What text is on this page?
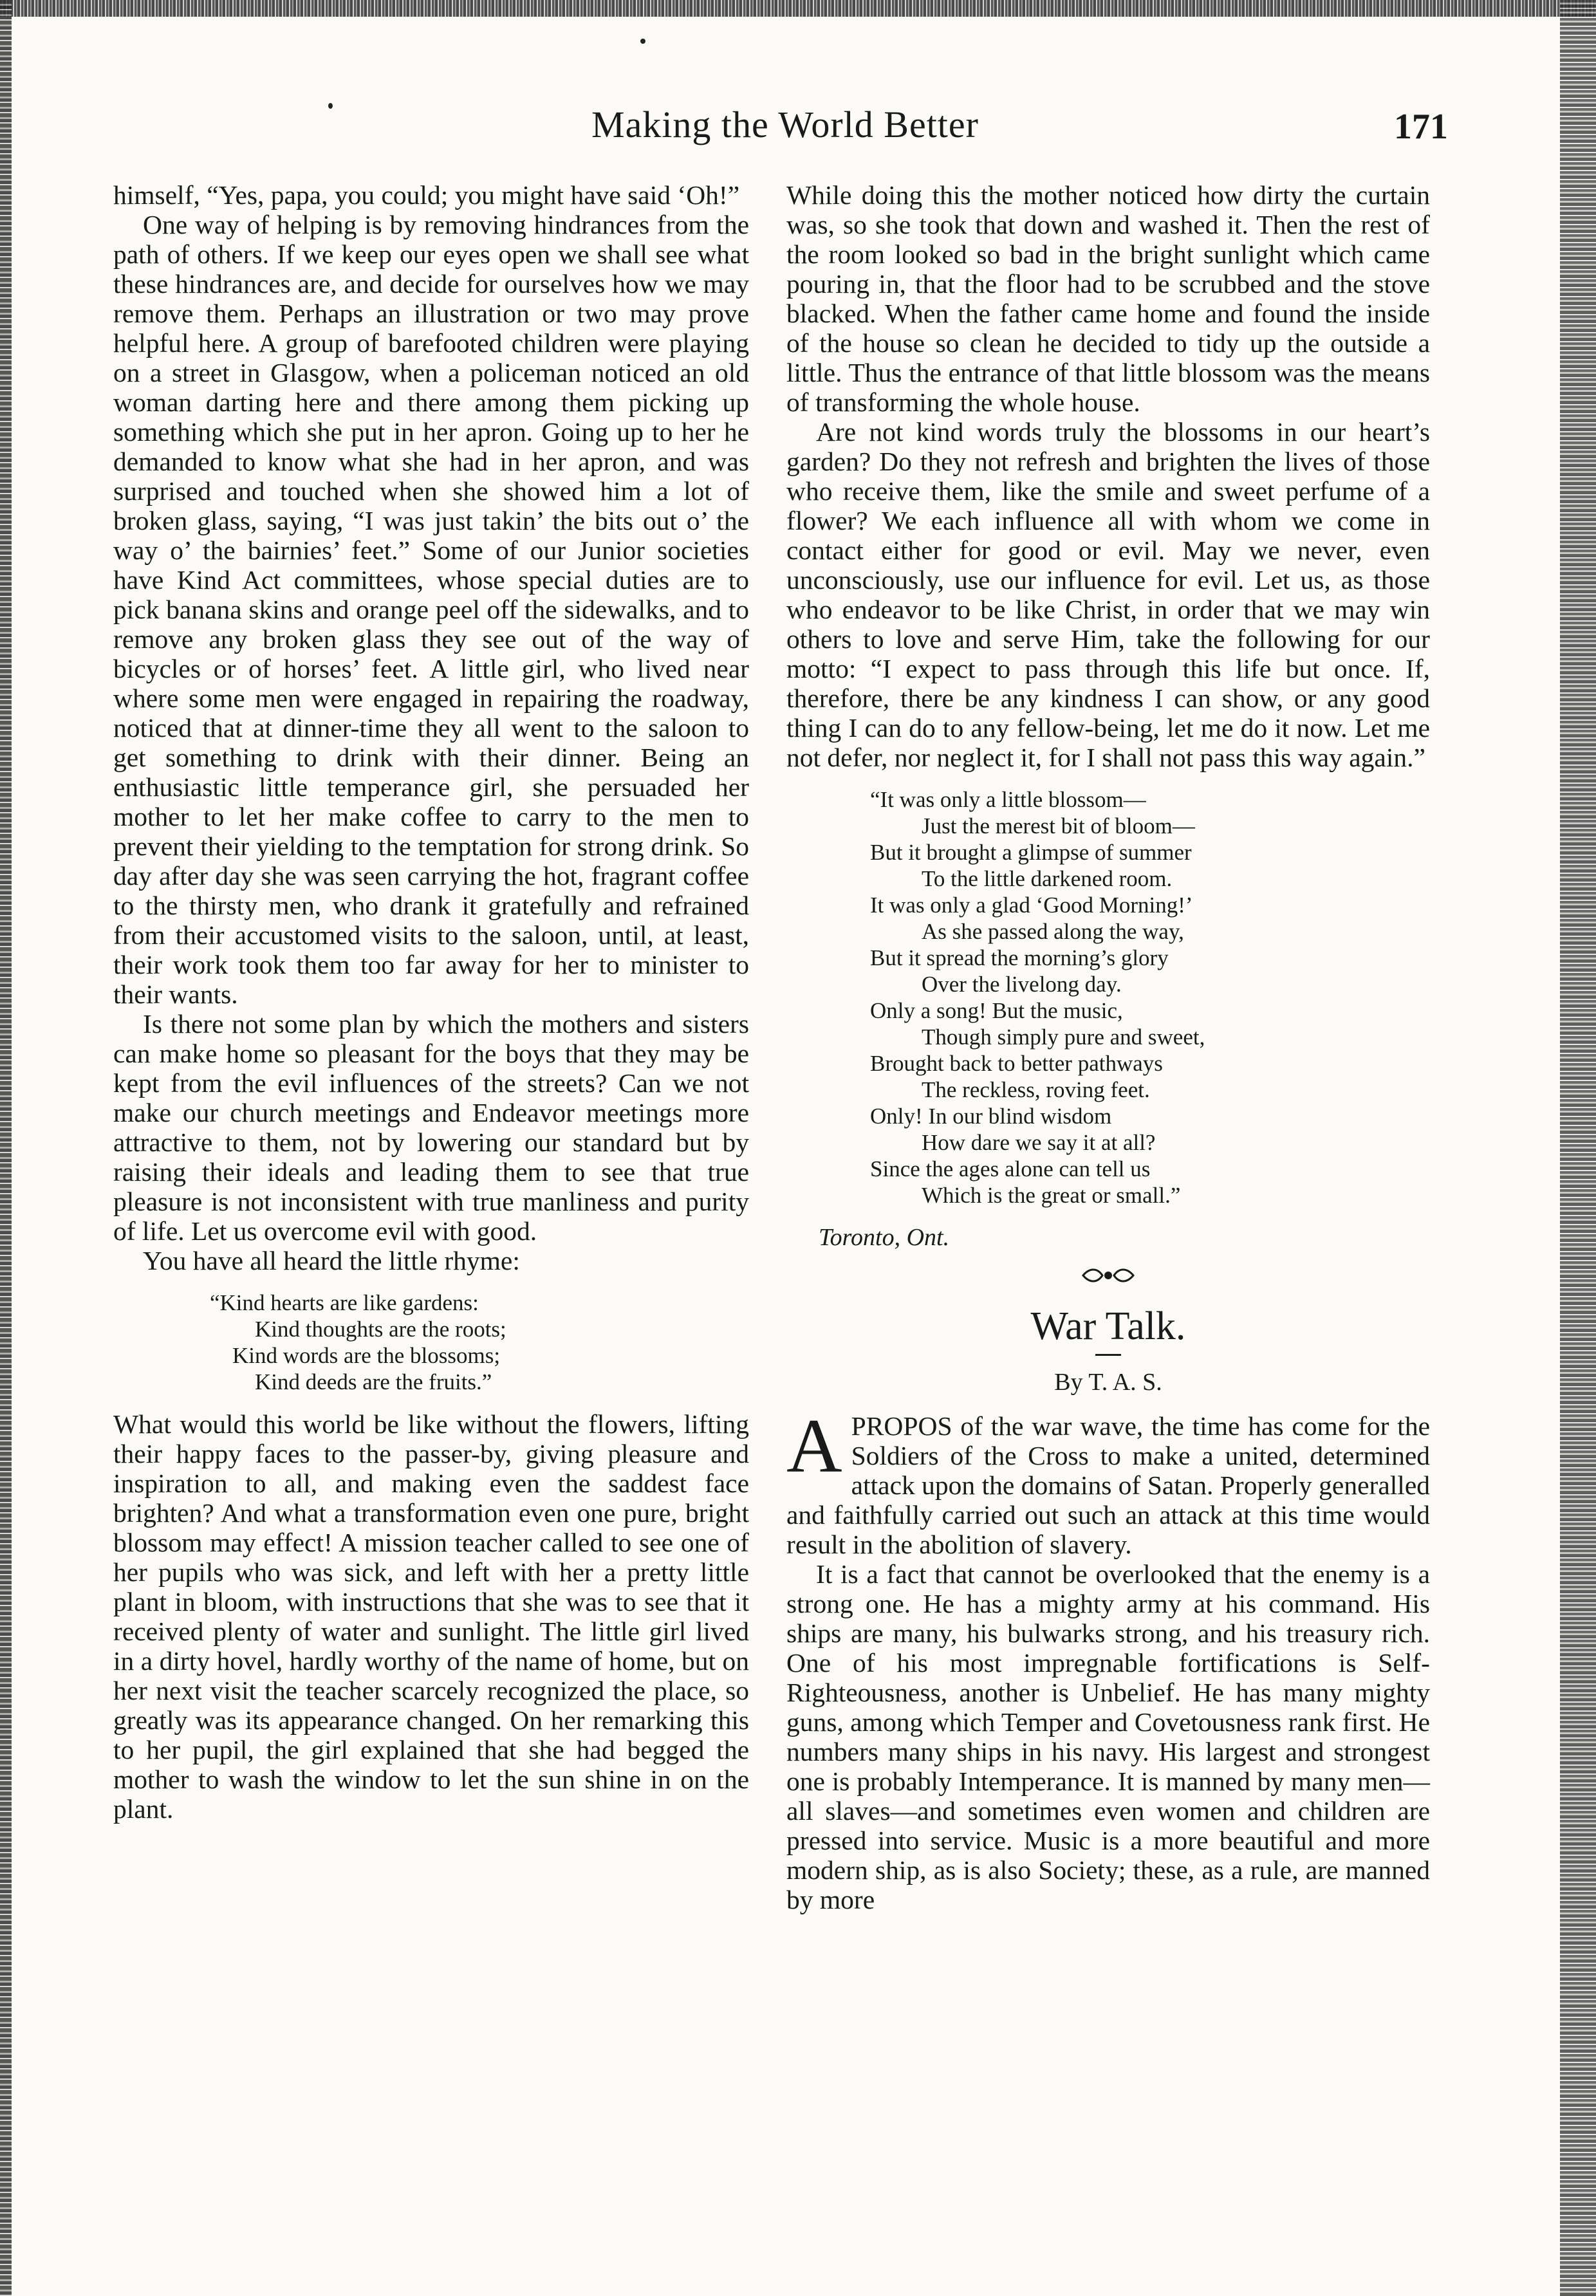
Making the World Better	171

himself, “Yes, papa, you could; you might have said ‘Oh!”

One way of helping is by removing hindrances from the path of others. If we keep our eyes open we shall see what these hindrances are, and decide for ourselves how we may remove them. Perhaps an illustration or two may prove helpful here. A group of barefooted children were playing on a street in Glasgow, when a policeman noticed an old woman darting here and there among them picking up something which she put in her apron. Going up to her he demanded to know what she had in her apron, and was surprised and touched when she showed him a lot of broken glass, saying, “I was just takin’ the bits out o’ the way o’ the bairnies’ feet.” Some of our Junior societies have Kind Act committees, whose special duties are to pick banana skins and orange peel off the sidewalks, and to remove any broken glass they see out of the way of bicycles or of horses’ feet. A little girl, who lived near where some men were engaged in repairing the roadway, noticed that at dinner-time they all went to the saloon to get something to drink with their dinner. Being an enthusiastic little temperance girl, she persuaded her mother to let her make coffee to carry to the men to prevent their yielding to the temptation for strong drink. So day after day she was seen carrying the hot, fragrant coffee to the thirsty men, who drank it gratefully and refrained from their accustomed visits to the saloon, until, at least, their work took them too far away for her to minister to their wants.

Is there not some plan by which the mothers and sisters can make home so pleasant for the boys that they may be kept from the evil influences of the streets? Can we not make our church meetings and Endeavor meetings more attractive to them, not by lowering our standard but by raising their ideals and leading them to see that true pleasure is not inconsistent with true manliness and purity of life. Let us overcome evil with good.

You have all heard the little rhyme:

“Kind hearts are like gardens:
Kind thoughts are the roots;
Kind words are the blossoms;
Kind deeds are the fruits.”

What would this world be like without the flowers, lifting their happy faces to the passer-by, giving pleasure and inspiration to all, and making even the saddest face brighten? And what a transformation even one pure, bright blossom may effect! A mission teacher called to see one of her pupils who was sick, and left with her a pretty little plant in bloom, with instructions that she was to see that it received plenty of water and sunlight. The little girl lived in a dirty hovel, hardly worthy of the name of home, but on her next visit the teacher scarcely recognized the place, so greatly was its appearance changed. On her remarking this to her pupil, the girl explained that she had begged the mother to wash the window to let the sun shine in on the plant.

While doing this the mother noticed how dirty the curtain was, so she took that down and washed it. Then the rest of the room looked so bad in the bright sunlight which came pouring in, that the floor had to be scrubbed and the stove blacked. When the father came home and found the inside of the house so clean he decided to tidy up the outside a little. Thus the entrance of that little blossom was the means of transforming the whole house.

Are not kind words truly the blossoms in our heart’s garden? Do they not refresh and brighten the lives of those who receive them, like the smile and sweet perfume of a flower? We each influence all with whom we come in contact either for good or evil. May we never, even unconsciously, use our influence for evil. Let us, as those who endeavor to be like Christ, in order that we may win others to love and serve Him, take the following for our motto: “I expect to pass through this life but once. If, therefore, there be any kindness I can show, or any good thing I can do to any fellow-being, let me do it now. Let me not defer, nor neglect it, for I shall not pass this way again.”

“It was only a little blossom—
Just the merest bit of bloom—
But it brought a glimpse of summer
To the little darkened room.
It was only a glad ‘Good Morning!’
As she passed along the way,
But it spread the morning’s glory
Over the livelong day.
Only a song! But the music,
Though simply pure and sweet,
Brought back to better pathways
The reckless, roving feet.
Only! In our blind wisdom
How dare we say it at all?
Since the ages alone can tell us
Which is the great or small.”
Toronto, Ont.
War Talk.
By T. A. S.

APROPOS of the war wave, the time has come for the Soldiers of the Cross to make a united, determined attack upon the domains of Satan. Properly generalled and faithfully carried out such an attack at this time would result in the abolition of slavery.

It is a fact that cannot be overlooked that the enemy is a strong one. He has a mighty army at his command. His ships are many, his bulwarks strong, and his treasury rich. One of his most impregnable fortifications is Self-Righteousness, another is Unbelief. He has many mighty guns, among which Temper and Covetousness rank first. He numbers many ships in his navy. His largest and strongest one is probably Intemperance. It is manned by many men—all slaves—and sometimes even women and children are pressed into service. Music is a more beautiful and more modern ship, as is also Society; these, as a rule, are manned by more
